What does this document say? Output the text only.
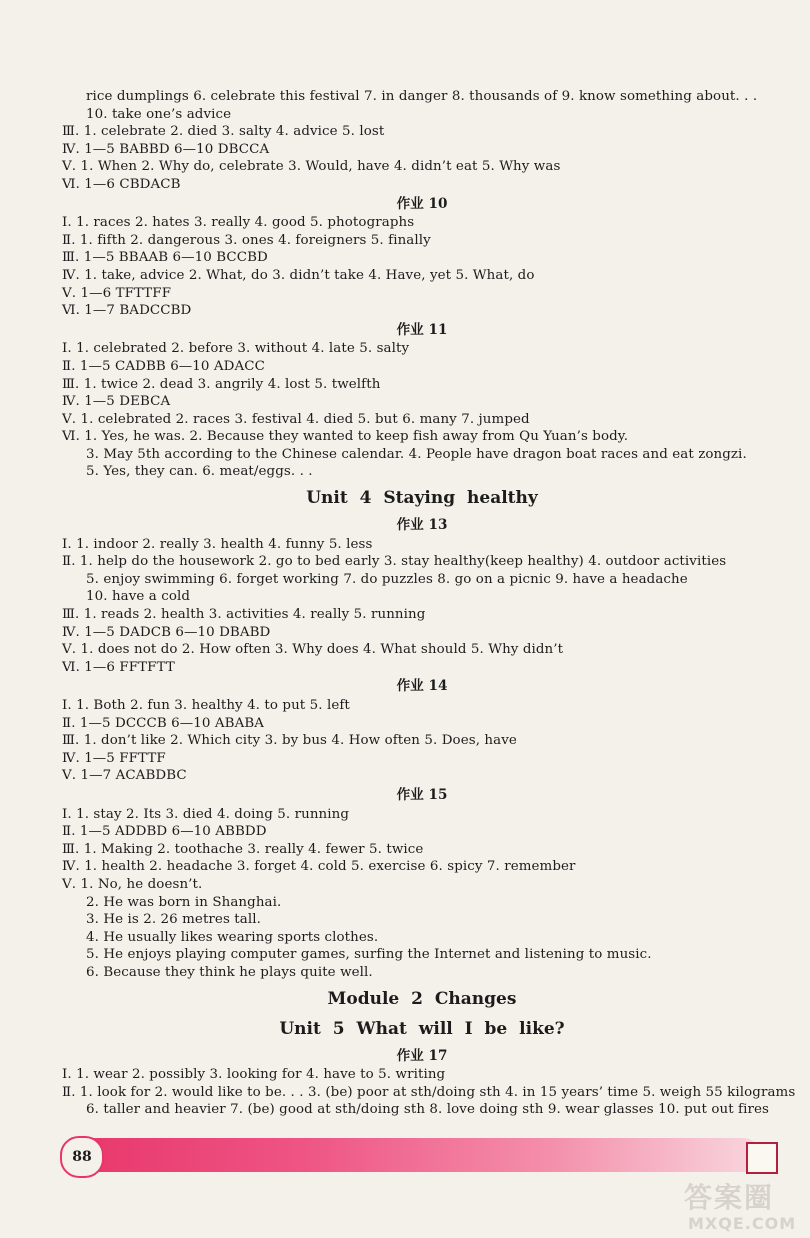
rice dumplings 6. celebrate this festival 7. in danger 8. thousands of 9. know something about. . .
10. take one’s advice
Ⅲ. 1. celebrate 2. died 3. salty 4. advice 5. lost
Ⅳ. 1—5 BABBD 6—10 DBCCA
Ⅴ. 1. When 2. Why do, celebrate 3. Would, have 4. didn’t eat 5. Why was
Ⅵ. 1—6 CBDACB
作业 10
Ⅰ. 1. races 2. hates 3. really 4. good 5. photographs
Ⅱ. 1. fifth 2. dangerous 3. ones 4. foreigners 5. finally
Ⅲ. 1—5 BBAAB 6—10 BCCBD
Ⅳ. 1. take, advice 2. What, do 3. didn’t take 4. Have, yet 5. What, do
Ⅴ. 1—6 TFTTFF
Ⅵ. 1—7 BADCCBD
作业 11
Ⅰ. 1. celebrated 2. before 3. without 4. late 5. salty
Ⅱ. 1—5 CADBB 6—10 ADACC
Ⅲ. 1. twice 2. dead 3. angrily 4. lost 5. twelfth
Ⅳ. 1—5 DEBCA
Ⅴ. 1. celebrated 2. races 3. festival 4. died 5. but 6. many 7. jumped
Ⅵ. 1. Yes, he was. 2. Because they wanted to keep fish away from Qu Yuan’s body.
3. May 5th according to the Chinese calendar. 4. People have dragon boat races and eat zongzi.
5. Yes, they can. 6. meat/eggs. . .
Unit 4 Staying healthy
作业 13
Ⅰ. 1. indoor 2. really 3. health 4. funny 5. less
Ⅱ. 1. help do the housework 2. go to bed early 3. stay healthy(keep healthy) 4. outdoor activities
5. enjoy swimming 6. forget working 7. do puzzles 8. go on a picnic 9. have a headache
10. have a cold
Ⅲ. 1. reads 2. health 3. activities 4. really 5. running
Ⅳ. 1—5 DADCB 6—10 DBABD
Ⅴ. 1. does not do 2. How often 3. Why does 4. What should 5. Why didn’t
Ⅵ. 1—6 FFTFTT
作业 14
Ⅰ. 1. Both 2. fun 3. healthy 4. to put 5. left
Ⅱ. 1—5 DCCCB 6—10 ABABA
Ⅲ. 1. don’t like 2. Which city 3. by bus 4. How often 5. Does, have
Ⅳ. 1—5 FFTTF
Ⅴ. 1—7 ACABDBC
作业 15
Ⅰ. 1. stay 2. Its 3. died 4. doing 5. running
Ⅱ. 1—5 ADDBD 6—10 ABBDD
Ⅲ. 1. Making 2. toothache 3. really 4. fewer 5. twice
Ⅳ. 1. health 2. headache 3. forget 4. cold 5. exercise 6. spicy 7. remember
Ⅴ. 1. No, he doesn’t.
2. He was born in Shanghai.
3. He is 2. 26 metres tall.
4. He usually likes wearing sports clothes.
5. He enjoys playing computer games, surfing the Internet and listening to music.
6. Because they think he plays quite well.
Module 2 Changes
Unit 5 What will I be like?
作业 17
Ⅰ. 1. wear 2. possibly 3. looking for 4. have to 5. writing
Ⅱ. 1. look for 2. would like to be. . . 3. (be) poor at sth/doing sth 4. in 15 years’ time 5. weigh 55 kilograms
6. taller and heavier 7. (be) good at sth/doing sth 8. love doing sth 9. wear glasses 10. put out fires
88
答案圈
MXQE.COM
